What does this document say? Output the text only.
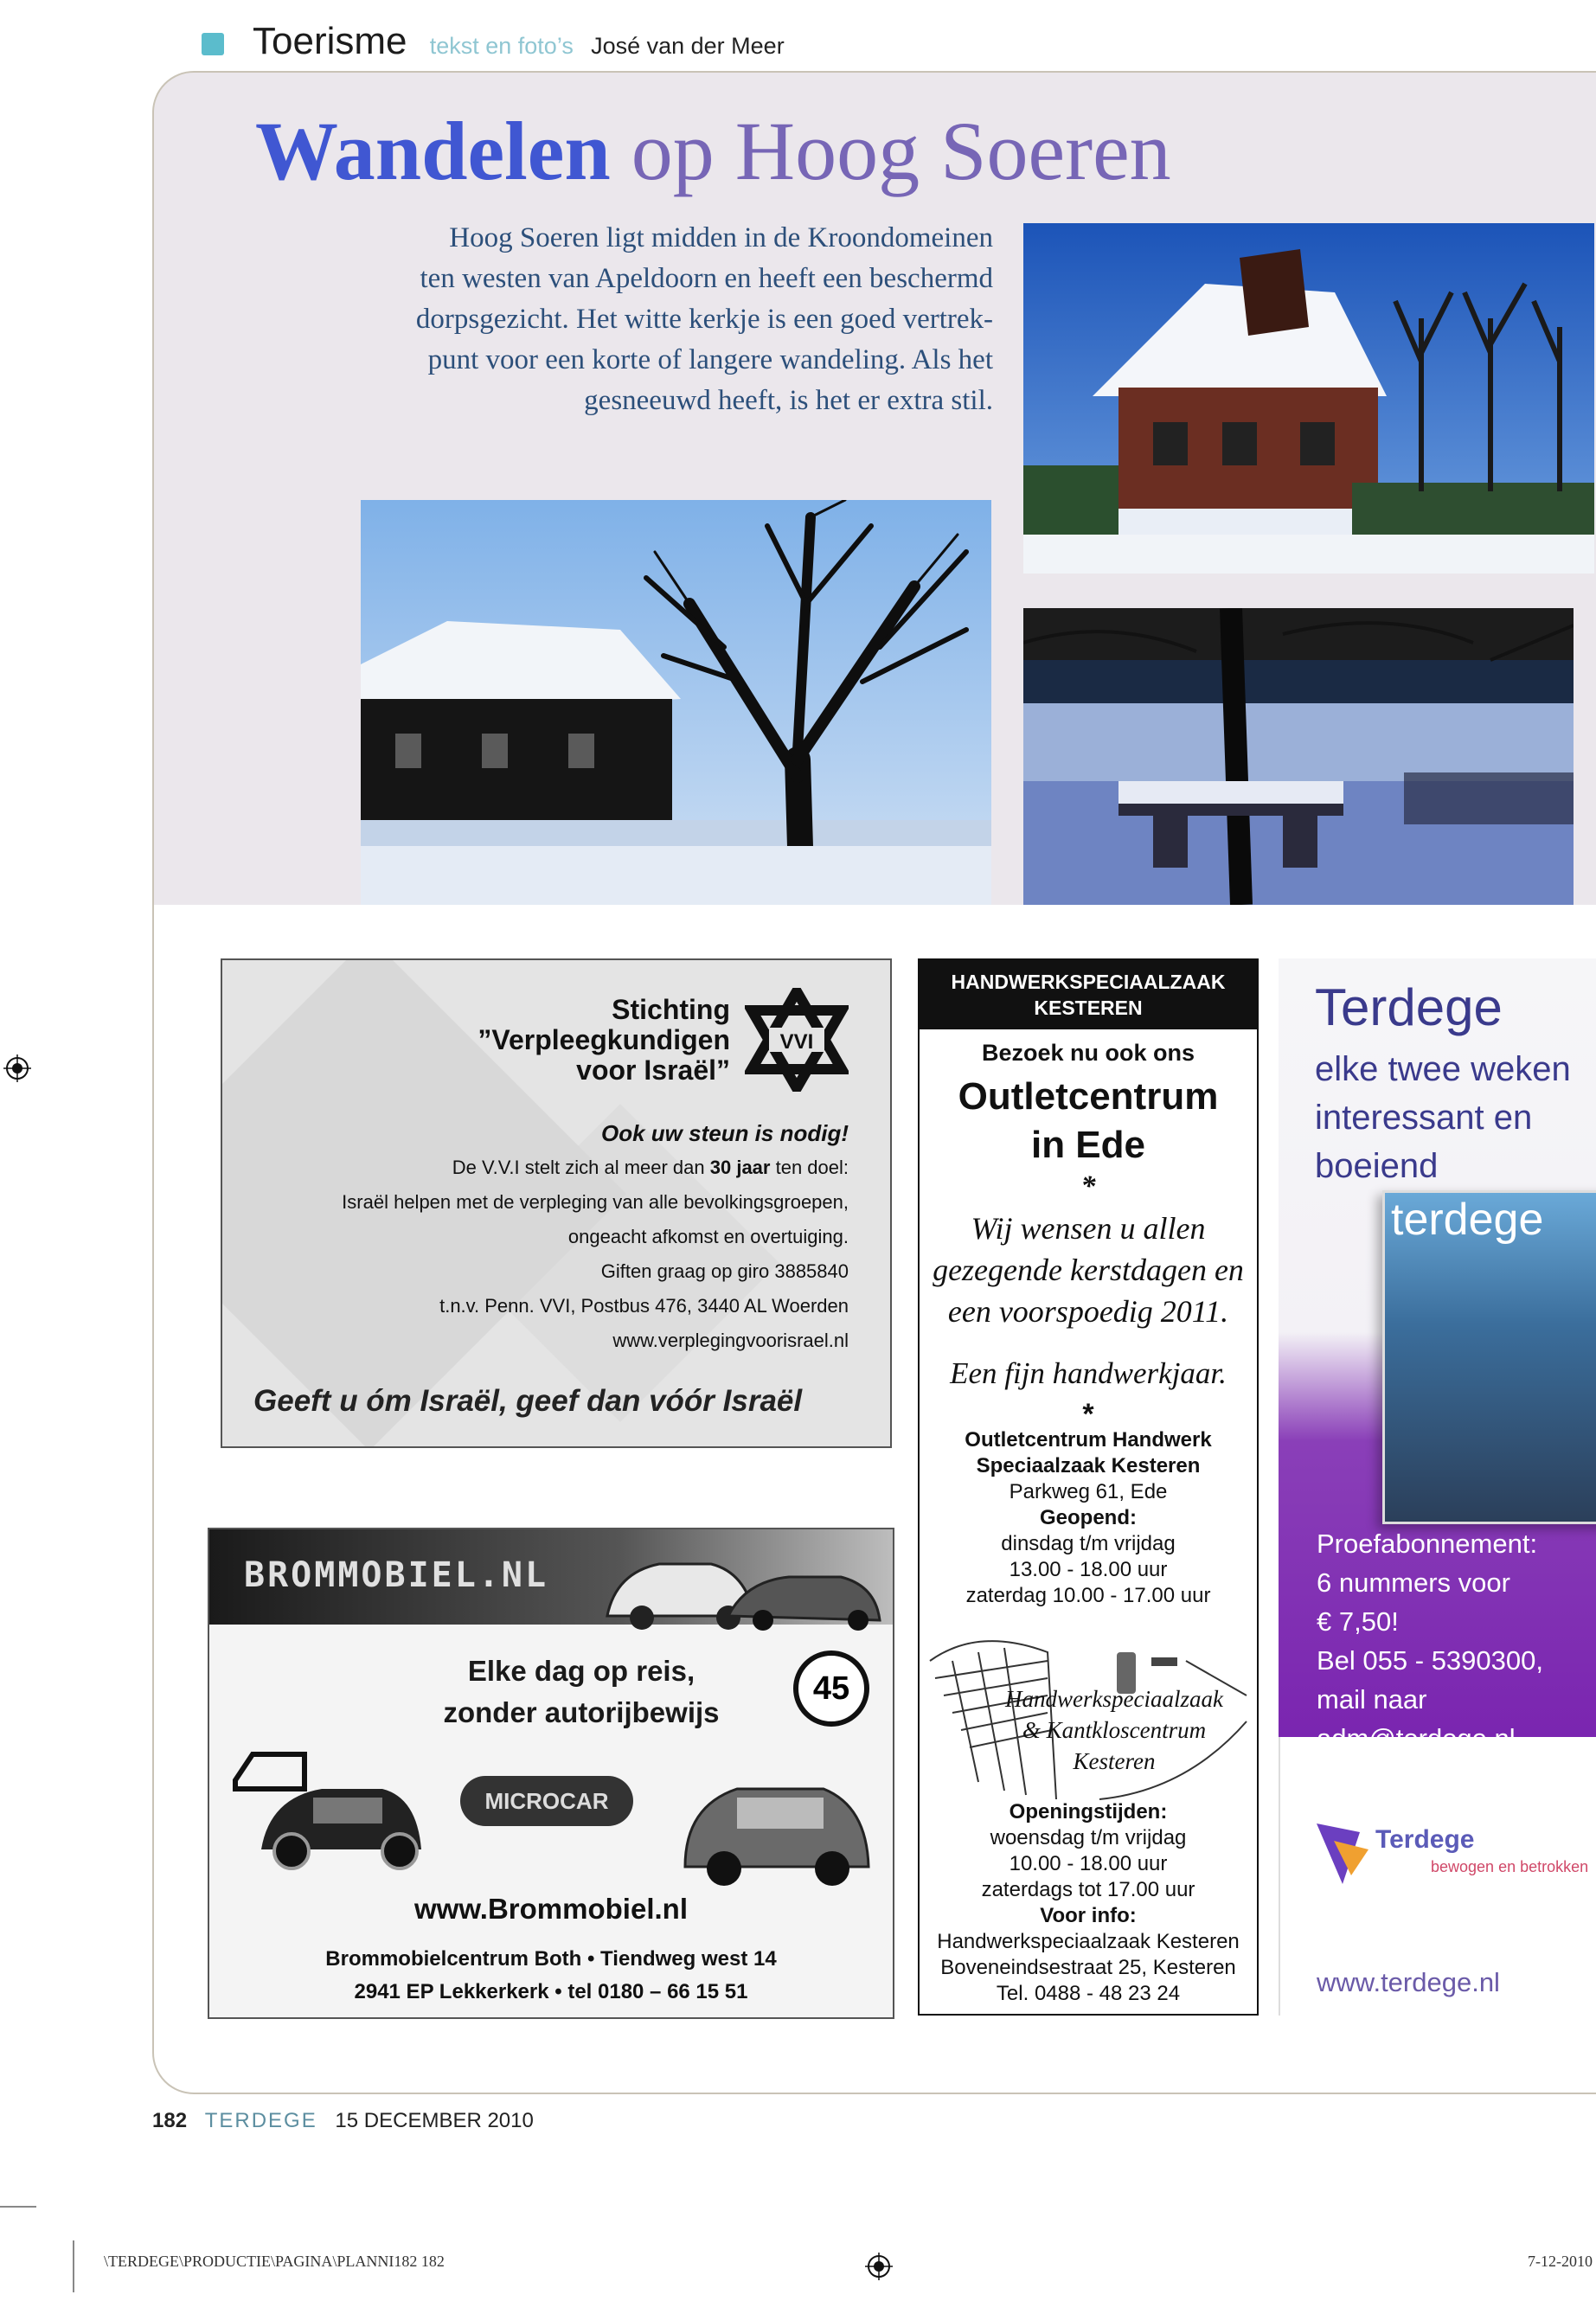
Toerisme tekst en foto’s José van der Meer
Wandelen op Hoog Soeren
Hoog Soeren ligt midden in de Kroondomeinen
ten westen van Apeldoorn en heeft een beschermd
dorpsgezicht. Het witte kerkje is een goed vertrek-
punt voor een korte of langere wandeling. Als het
gesneeuwd heeft, is het er extra stil.
Stichting
”Verpleegkundigen
voor Israël”
VVI
Ook uw steun is nodig!
De V.V.I stelt zich al meer dan 30 jaar ten doel:
Israël helpen met de verpleging van alle bevolkingsgroepen,
ongeacht afkomst en overtuiging.
Giften graag op giro 3885840
t.n.v. Penn. VVI, Postbus 476, 3440 AL Woerden
www.verplegingvoorisrael.nl
Geeft u óm Israël, geef dan vóór Israël
BROMMOBIEL.NL
Elke dag op reis,
zonder autorijbewijs
45
MICROCAR
www.Brommobiel.nl
Brommobielcentrum Both • Tiendweg west 14
2941 EP Lekkerkerk • tel 0180 – 66 15 51
HANDWERKSPECIAALZAAK KESTEREN
Bezoek nu ook ons
Outletcentrum
in Ede
*
Wij wensen u allen
gezegende kerstdagen en
een voorspoedig 2011.
Een fijn handwerkjaar.
*
Outletcentrum Handwerk
Speciaalzaak Kesteren
Parkweg 61, Ede
Geopend:
dinsdag t/m vrijdag
13.00 - 18.00 uur
zaterdag 10.00 - 17.00 uur
Handwerkspeciaalzaak
& Kantkloscentrum
Kesteren
Openingstijden:
woensdag t/m vrijdag
10.00 - 18.00 uur
zaterdags tot 17.00 uur
Voor info:
Handwerkspeciaalzaak Kesteren
Boveneindsestraat 25, Kesteren
Tel. 0488 - 48 23 24
Terdege
elke twee weken
interessant en
boeiend
terdege
Proefabonnement:
6 nummers voor
€ 7,50!
Bel 055 - 5390300,
mail naar
Terdege
bewogen en betrokken
www.terdege.nl
182 TERDEGE 15 DECEMBER 2010
\TERDEGE\PRODUCTIE\PAGINA\PLANNI182 182	7-12-2010
